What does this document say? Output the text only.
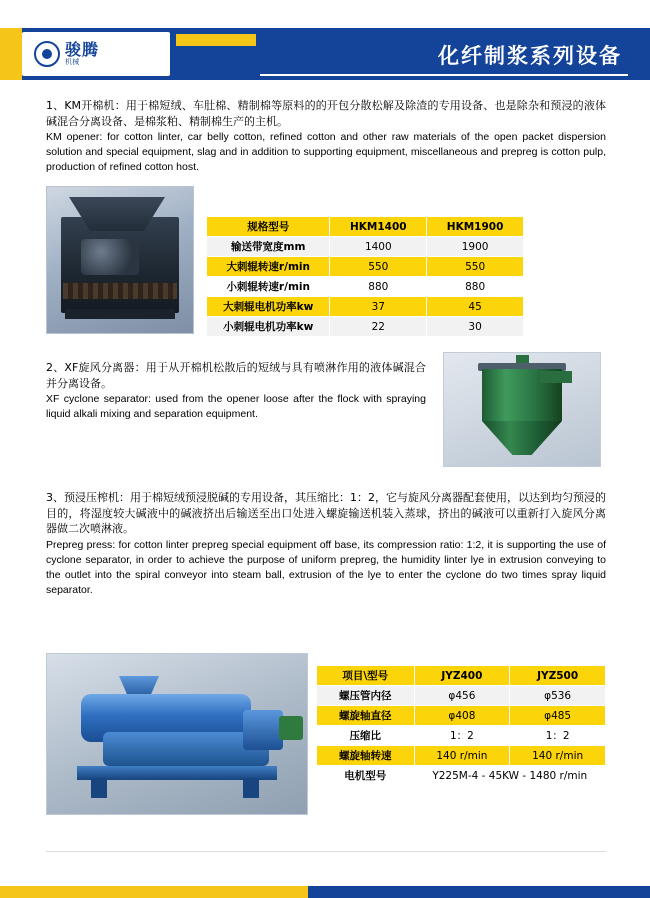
骏腾
机械	化纤制浆系列设备
1、KM开棉机：用于棉短绒、车肚棉、精制棉等原料的的开包分散松解及除渣的专用设备、也是除杂和预浸的液体碱混合分离设备、是棉浆粕、精制棉生产的主机。
KM opener: for cotton linter, car belly cotton, refined cotton and other raw materials of the open packet dispersion solution and special equipment, slag and in addition to supporting equipment, miscellaneous and prepreg is cotton pulp, production of refined cotton host.
规格型号	HKM1400	HKM1900
输送带宽度mm	1400	1900
大刺辊转速r/min	550	550
小刺辊转速r/min	880	880
大刺辊电机功率kw	37	45
小刺辊电机功率kw	22	30
2、XF旋风分离器：用于从开棉机松散后的短绒与具有喷淋作用的液体碱混合并分离设备。
XF cyclone separator: used from the opener loose after the flock with spraying liquid alkali mixing and separation equipment.
3、预浸压榨机：用于棉短绒预浸脱碱的专用设备，其压缩比：1：2，它与旋风分离器配套使用，以达到均匀预浸的目的，将湿度较大碱液中的碱液挤出后输送至出口处进入螺旋输送机装入蒸球，挤出的碱液可以重新打入旋风分离器做二次喷淋液。
Prepreg press: for cotton linter prepreg special equipment off base, its compression ratio: 1:2, it is supporting the use of cyclone separator, in order to achieve the purpose of uniform prepreg, the humidity linter lye in extrusion conveying to the outlet into the spiral conveyor into steam ball, extrusion of the lye to enter the cyclone do two times spray liquid separator.
项目\型号	JYZ400	JYZ500
螺压管内径	φ456	φ536
螺旋轴直径	φ408	φ485
压缩比	1：2	1：2
螺旋轴转速	140 r/min	140 r/min
电机型号	Y225M-4 - 45KW - 1480 r/min	
